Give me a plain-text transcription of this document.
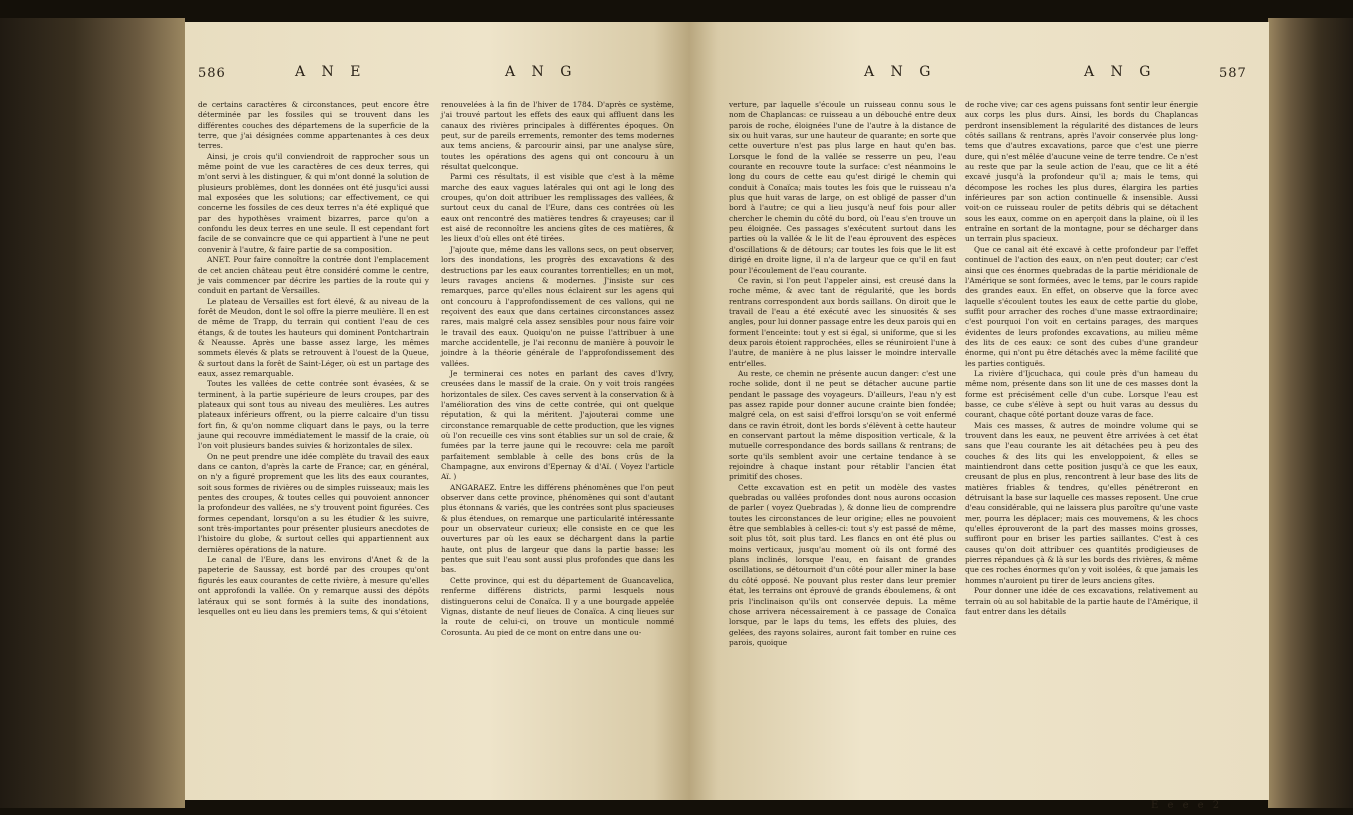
586	A N E	A N G

de certains caractères & circonstances, peut encore être déterminée par les fossiles qui se trouvent dans les différentes couches des départemens de la superficie de la terre, que j'ai désignées comme appartenantes à ces deux terres.

Ainsi, je crois qu'il conviendroit de rapprocher sous un même point de vue les caractères de ces deux terres, qui m'ont servi à les distinguer, & qui m'ont donné la solution de plusieurs problèmes, dont les données ont été jusqu'ici aussi mal exposées que les solutions; car effectivement, ce qui concerne les fossiles de ces deux terres n'a été expliqué que par des hypothèses vraiment bizarres, parce qu'on a confondu les deux terres en une seule. Il est cependant fort facile de se convaincre que ce qui appartient à l'une ne peut convenir à l'autre, & faire partie de sa composition.

ANET. Pour faire connoître la contrée dont l'emplacement de cet ancien château peut être considéré comme le centre, je vais commencer par décrire les parties de la route qui y conduit en partant de Versailles.

Le plateau de Versailles est fort élevé, & au niveau de la forêt de Meudon, dont le sol offre la pierre meulière. Il en est de même de Trapp, du terrain qui contient l'eau de ces étangs, & de toutes les hauteurs qui dominent Pontchartrain & Neausse. Après une basse assez large, les mêmes sommets élevés & plats se retrouvent à l'ouest de la Queue, & surtout dans la forêt de Saint-Léger, où est un partage des eaux, assez remarquable.

Toutes les vallées de cette contrée sont évasées, & se terminent, à la partie supérieure de leurs croupes, par des plateaux qui sont tous au niveau des meulières. Les autres plateaux inférieurs offrent, ou la pierre calcaire d'un tissu fort fin, & qu'on nomme cliquart dans le pays, ou la terre jaune qui recouvre immédiatement le massif de la craie, où l'on voit plusieurs bandes suivies & horizontales de silex.

On ne peut prendre une idée complète du travail des eaux dans ce canton, d'après la carte de France; car, en général, on n'y a figuré proprement que les lits des eaux courantes, soit sous formes de rivières ou de simples ruisseaux; mais les pentes des croupes, & toutes celles qui pouvoient annoncer la profondeur des vallées, ne s'y trouvent point figurées. Ces formes cependant, lorsqu'on a su les étudier & les suivre, sont très-importantes pour présenter plusieurs anecdotes de l'histoire du globe, & surtout celles qui appartiennent aux dernières opérations de la nature.

Le canal de l'Eure, dans les environs d'Anet & de la papeterie de Saussay, est bordé par des croupes qu'ont figurés les eaux courantes de cette rivière, à mesure qu'elles ont approfondi la vallée. On y remarque aussi des dépôts latéraux qui se sont formés à la suite des inondations, lesquelles ont eu lieu dans les premiers tems, & qui s'étoient

renouvelées à la fin de l'hiver de 1784. D'après ce système, j'ai trouvé partout les effets des eaux qui affluent dans les canaux des rivières principales à différentes époques. On peut, sur de pareils errements, remonter des tems modernes aux tems anciens, & parcourir ainsi, par une analyse sûre, toutes les opérations des agens qui ont concouru à un résultat quelconque.

Parmi ces résultats, il est visible que c'est à la même marche des eaux vagues latérales qui ont agi le long des croupes, qu'on doit attribuer les remplissages des vallées, & surtout ceux du canal de l'Eure, dans ces contrées où les eaux ont rencontré des matières tendres & crayeuses; car il est aisé de reconnoître les anciens gîtes de ces matières, & les lieux d'où elles ont été tirées.

J'ajoute que, même dans les vallons secs, on peut observer, lors des inondations, les progrès des excavations & des destructions par les eaux courantes torrentielles; en un mot, leurs ravages anciens & modernes. J'insiste sur ces remarques, parce qu'elles nous éclairent sur les agens qui ont concouru à l'approfondissement de ces vallons, qui ne reçoivent des eaux que dans certaines circonstances assez rares, mais malgré cela assez sensibles pour nous faire voir le travail des eaux. Quoiqu'on ne puisse l'attribuer à une marche accidentelle, je l'ai reconnu de manière à pouvoir le joindre à la théorie générale de l'approfondissement des vallées.

Je terminerai ces notes en parlant des caves d'Ivry, creusées dans le massif de la craie. On y voit trois rangées horizontales de silex. Ces caves servent à la conservation & à l'amélioration des vins de cette contrée, qui ont quelque réputation, & qui la méritent. J'ajouterai comme une circonstance remarquable de cette production, que les vignes où l'on recueille ces vins sont établies sur un sol de craie, & fumées par la terre jaune qui le recouvre: cela me paroît parfaitement semblable à celle des bons crûs de la Champagne, aux environs d'Epernay & d'Aï. ( Voyez l'article Aï. )

ANGARAEZ. Entre les différens phénomènes que l'on peut observer dans cette province, phénomènes qui sont d'autant plus étonnans & variés, que les contrées sont plus spacieuses & plus étendues, on remarque une particularité intéressante pour un observateur curieux; elle consiste en ce que les ouvertures par où les eaux se déchargent dans la partie haute, ont plus de largeur que dans la partie basse: les pentes que suit l'eau sont aussi plus profondes que dans les bas.

Cette province, qui est du département de Guancavelica, renferme différens districts, parmi lesquels nous distinguerons celui de Conaïca. Il y a une bourgade appelée Vignas, distante de neuf lieues de Conaïca. A cinq lieues sur la route de celui-ci, on trouve un monticule nommé Corosunta. Au pied de ce mont on entre dans une ou-

A N G	A N G	587

verture, par laquelle s'écoule un ruisseau connu sous le nom de Chaplancas: ce ruisseau a un débouché entre deux parois de roche, éloignées l'une de l'autre à la distance de six ou huit varas, sur une hauteur de quarante; en sorte que cette ouverture n'est pas plus large en haut qu'en bas. Lorsque le fond de la vallée se resserre un peu, l'eau courante en recouvre toute la surface: c'est néanmoins le long du cours de cette eau qu'est dirigé le chemin qui conduit à Conaïca; mais toutes les fois que le ruisseau n'a plus que huit varas de large, on est obligé de passer d'un bord à l'autre; ce qui a lieu jusqu'à neuf fois pour aller chercher le chemin du côté du bord, où l'eau s'en trouve un peu éloignée. Ces passages s'exécutent surtout dans les parties où la vallée & le lit de l'eau éprouvent des espèces d'oscillations & de détours; car toutes les fois que le lit est dirigé en droite ligne, il n'a de largeur que ce qu'il en faut pour l'écoulement de l'eau courante.

Ce ravin, si l'on peut l'appeler ainsi, est creusé dans la roche même, & avec tant de régularité, que les bords rentrans correspondent aux bords saillans. On diroit que le travail de l'eau a été exécuté avec les sinuosités & ses angles, pour lui donner passage entre les deux parois qui en forment l'enceinte: tout y est si égal, si uniforme, que si les deux parois étoient rapprochées, elles se réuniroient l'une à l'autre, de manière à ne plus laisser le moindre intervalle entr'elles.

Au reste, ce chemin ne présente aucun danger: c'est une roche solide, dont il ne peut se détacher aucune partie pendant le passage des voyageurs. D'ailleurs, l'eau n'y est pas assez rapide pour donner aucune crainte bien fondée; malgré cela, on est saisi d'effroi lorsqu'on se voit enfermé dans ce ravin étroit, dont les bords s'élèvent à cette hauteur en conservant partout la même disposition verticale, & la mutuelle correspondance des bords saillans & rentrans; de sorte qu'ils semblent avoir une certaine tendance à se rejoindre à chaque instant pour rétablir l'ancien état primitif des choses.

Cette excavation est en petit un modèle des vastes quebradas ou vallées profondes dont nous aurons occasion de parler ( voyez Quebradas ), & donne lieu de comprendre toutes les circonstances de leur origine; elles ne pouvoient être que semblables à celles-ci: tout s'y est passé de même, soit plus tôt, soit plus tard. Les flancs en ont été plus ou moins verticaux, jusqu'au moment où ils ont formé des plans inclinés, lorsque l'eau, en faisant de grandes oscillations, se détournoit d'un côté pour aller miner la base du côté opposé. Ne pouvant plus rester dans leur premier état, les terrains ont éprouvé de grands éboulemens, & ont pris l'inclinaison qu'ils ont conservée depuis. La même chose arrivera nécessairement à ce passage de Conaïca lorsque, par le laps du tems, les effets des pluies, des gelées, des rayons solaires, auront fait tomber en ruine ces parois, quoique

de roche vive; car ces agens puissans font sentir leur énergie aux corps les plus durs. Ainsi, les bords du Chaplancas perdront insensiblement la régularité des distances de leurs côtés saillans & rentrans, après l'avoir conservée plus long-tems que d'autres excavations, parce que c'est une pierre dure, qui n'est mêlée d'aucune veine de terre tendre. Ce n'est au reste que par la seule action de l'eau, que ce lit a été excavé jusqu'à la profondeur qu'il a; mais le tems, qui décompose les roches les plus dures, élargira les parties inférieures par son action continuelle & insensible. Aussi voit-on ce ruisseau rouler de petits débris qui se détachent sous les eaux, comme on en aperçoit dans la plaine, où il les entraîne en sortant de la montagne, pour se décharger dans un terrain plus spacieux.

Que ce canal ait été excavé à cette profondeur par l'effet continuel de l'action des eaux, on n'en peut douter; car c'est ainsi que ces énormes quebradas de la partie méridionale de l'Amérique se sont formées, avec le tems, par le cours rapide des grandes eaux. En effet, on observe que la force avec laquelle s'écoulent toutes les eaux de cette partie du globe, suffit pour arracher des roches d'une masse extraordinaire; c'est pourquoi l'on voit en certains parages, des marques évidentes de leurs profondes excavations, au milieu même des lits de ces eaux: ce sont des cubes d'une grandeur énorme, qui n'ont pu être détachés avec la même facilité que les parties contiguës.

La rivière d'Ijcuchaca, qui coule près d'un hameau du même nom, présente dans son lit une de ces masses dont la forme est précisément celle d'un cube. Lorsque l'eau est basse, ce cube s'élève à sept ou huit varas au dessus du courant, chaque côté portant douze varas de face.

Mais ces masses, & autres de moindre volume qui se trouvent dans les eaux, ne peuvent être arrivées à cet état sans que l'eau courante les ait détachées peu à peu des couches & des lits qui les enveloppoient, & elles se maintiendront dans cette position jusqu'à ce que les eaux, creusant de plus en plus, rencontrent à leur base des lits de matières friables & tendres, qu'elles pénétreront en détruisant la base sur laquelle ces masses reposent. Une crue d'eau considérable, qui ne laissera plus paroître qu'une vaste mer, pourra les déplacer; mais ces mouvemens, & les chocs qu'elles éprouveront de la part des masses moins grosses, suffiront pour en briser les parties saillantes. C'est à ces causes qu'on doit attribuer ces quantités prodigieuses de pierres répandues çà & là sur les bords des rivières, & même que ces roches énormes qu'on y voit isolées, & que jamais les hommes n'auroient pu tirer de leurs anciens gîtes.

Pour donner une idée de ces excavations, relativement au terrain où au sol habitable de la partie haute de l'Amérique, il faut entrer dans les détails

E e e e 2
